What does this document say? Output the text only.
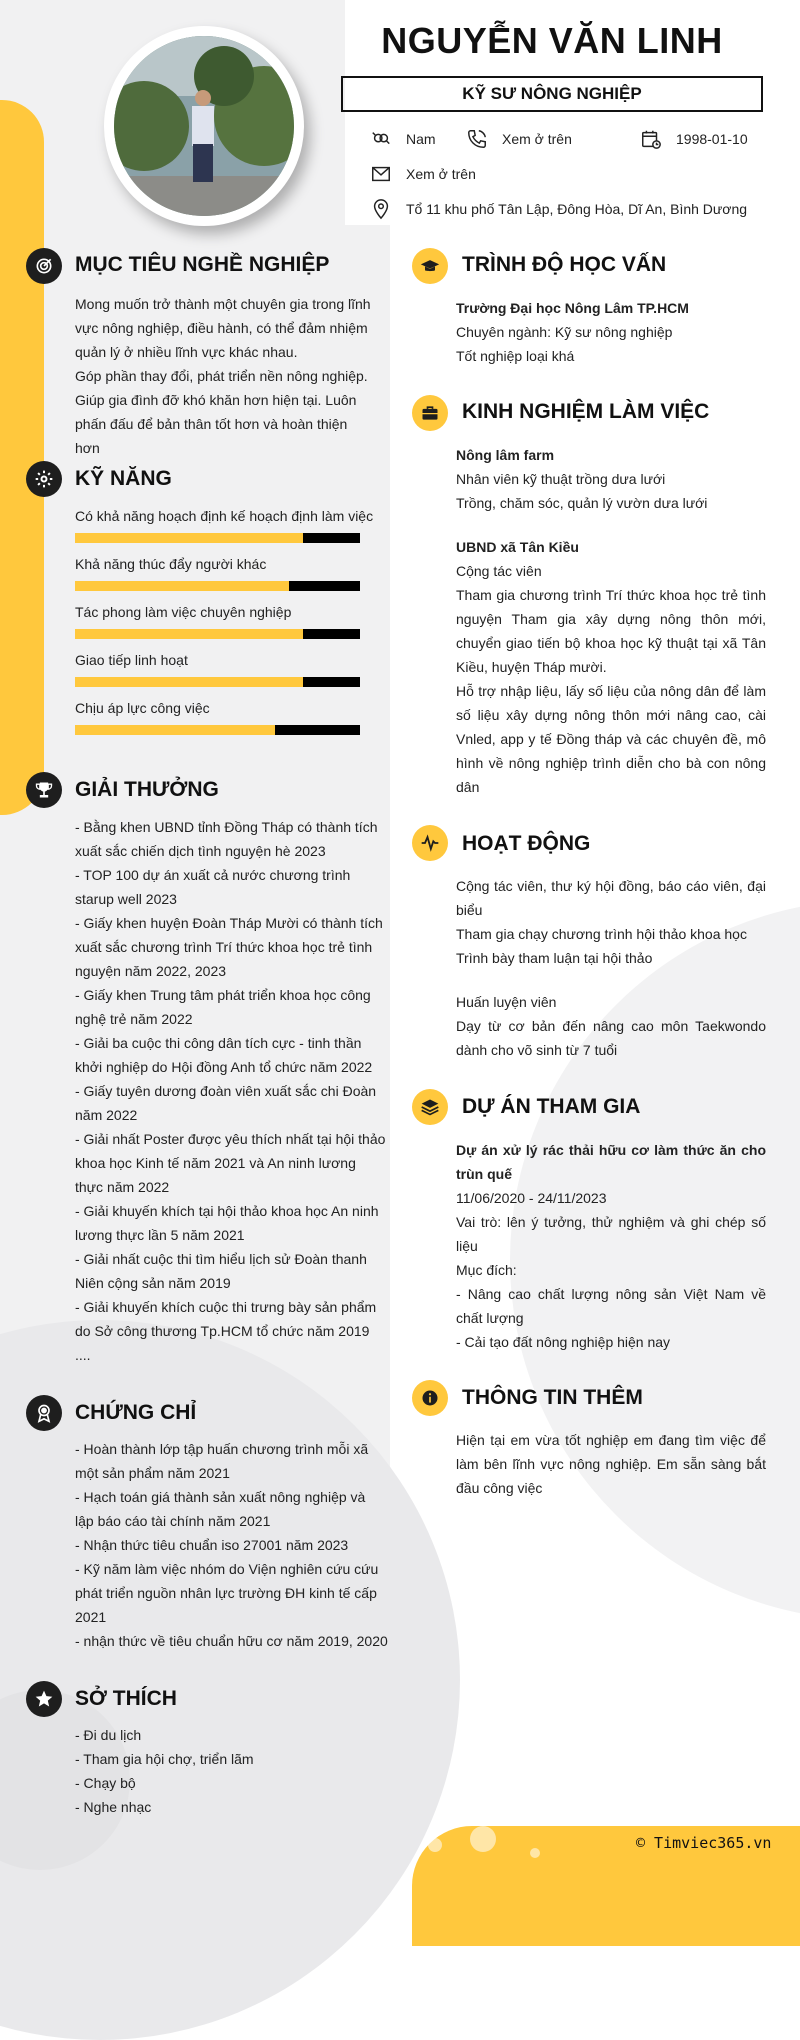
NGUYỄN VĂN LINH
KỸ SƯ NÔNG NGHIỆP
Nam	Xem ở trên	1998-01-10
Xem ở trên
Tổ 11 khu phố Tân Lập, Đông Hòa, Dĩ An, Bình Dương
MỤC TIÊU NGHỀ NGHIỆP

Mong muốn trở thành một chuyên gia trong lĩnh

vực nông nghiệp, điều hành, có thể đảm nhiệm

quản lý ở nhiều lĩnh vực khác nhau.

Góp phần thay đổi, phát triển nền nông nghiệp.

Giúp gia đình đỡ khó khăn hơn hiện tại. Luôn

phấn đấu để bản thân tốt hơn và hoàn thiện hơn

KỸ NĂNG
Có khả năng hoạch định kế hoạch định làm việc
Khả năng thúc đẩy người khác
Tác phong làm việc chuyên nghiệp
Giao tiếp linh hoạt
Chịu áp lực công việc
GIẢI THƯỞNG

- Bằng khen UBND tỉnh Đồng Tháp có thành tích

xuất sắc chiến dịch tình nguyện hè 2023

- TOP 100 dự án xuất cả nước chương trình

starup well 2023

- Giấy khen huyện Đoàn Tháp Mười có thành tích

xuất sắc chương trình Trí thức khoa học trẻ tình

nguyện năm 2022, 2023

- Giấy khen Trung tâm phát triển khoa học công

nghệ trẻ năm 2022

- Giải ba cuộc thi công dân tích cực - tinh thần

khởi nghiệp do Hội đồng Anh tổ chức năm 2022

- Giấy tuyên dương đoàn viên xuất sắc chi Đoàn

năm 2022

- Giải nhất Poster được yêu thích nhất tại hội thảo

khoa học Kinh tế năm 2021 và An ninh lương

thực năm 2022

- Giải khuyến khích tại hội thảo khoa học An ninh

lương thực lần 5 năm 2021

- Giải nhất cuộc thi tìm hiểu lịch sử Đoàn thanh

Niên cộng sản năm 2019

- Giải khuyến khích cuộc thi trưng bày sản phẩm

do Sở công thương Tp.HCM tổ chức năm 2019

....

CHỨNG CHỈ

- Hoàn thành lớp tập huấn chương trình mỗi xã

một sản phẩm năm 2021

- Hạch toán giá thành sản xuất nông nghiệp và

lập báo cáo tài chính năm 2021

- Nhận thức tiêu chuẩn iso 27001 năm 2023

- Kỹ năm làm việc nhóm do Viện nghiên cứu cứu

phát triển nguồn nhân lực trường ĐH kinh tế cấp

2021

- nhận thức về tiêu chuẩn hữu cơ năm 2019, 2020

SỞ THÍCH

- Đi du lịch

- Tham gia hội chợ, triển lãm

- Chạy bộ

- Nghe nhạc

TRÌNH ĐỘ HỌC VẤN

Trường Đại học Nông Lâm TP.HCM

Chuyên ngành: Kỹ sư nông nghiệp

Tốt nghiệp loại khá

KINH NGHIỆM LÀM VIỆC

Nông lâm farm

Nhân viên kỹ thuật trồng dưa lưới

Trồng, chăm sóc, quản lý vườn dưa lưới

UBND xã Tân Kiều

Cộng tác viên

Tham gia chương trình Trí thức khoa học trẻ tình nguyện Tham gia xây dựng nông thôn mới, chuyển giao tiến bộ khoa học kỹ thuật tại xã Tân Kiều, huyện Tháp mười.

Hỗ trợ nhập liệu, lấy số liệu của nông dân để làm số liệu xây dựng nông thôn mới nâng cao, cài Vnled, app y tế Đồng tháp và các chuyên đề, mô hình về nông nghiệp trình diễn cho bà con nông dân

HOẠT ĐỘNG

Cộng tác viên, thư ký hội đồng, báo cáo viên, đại biểu

Tham gia chạy chương trình hội thảo khoa học

Trình bày tham luận tại hội thảo

Huấn luyện viên

Dạy từ cơ bản đến nâng cao môn Taekwondo dành cho võ sinh từ 7 tuổi

DỰ ÁN THAM GIA

Dự án xử lý rác thải hữu cơ làm thức ăn cho trùn quế

11/06/2020 - 24/11/2023

Vai trò: lên ý tưởng, thử nghiệm và ghi chép số liệu

Mục đích:

- Nâng cao chất lượng nông sản Việt Nam về chất lượng

- Cải tạo đất nông nghiệp hiện nay

THÔNG TIN THÊM

Hiện tại em vừa tốt nghiệp em đang tìm việc để làm bên lĩnh vực nông nghiệp. Em sẵn sàng bắt đầu công việc

© Timviec365.vn
